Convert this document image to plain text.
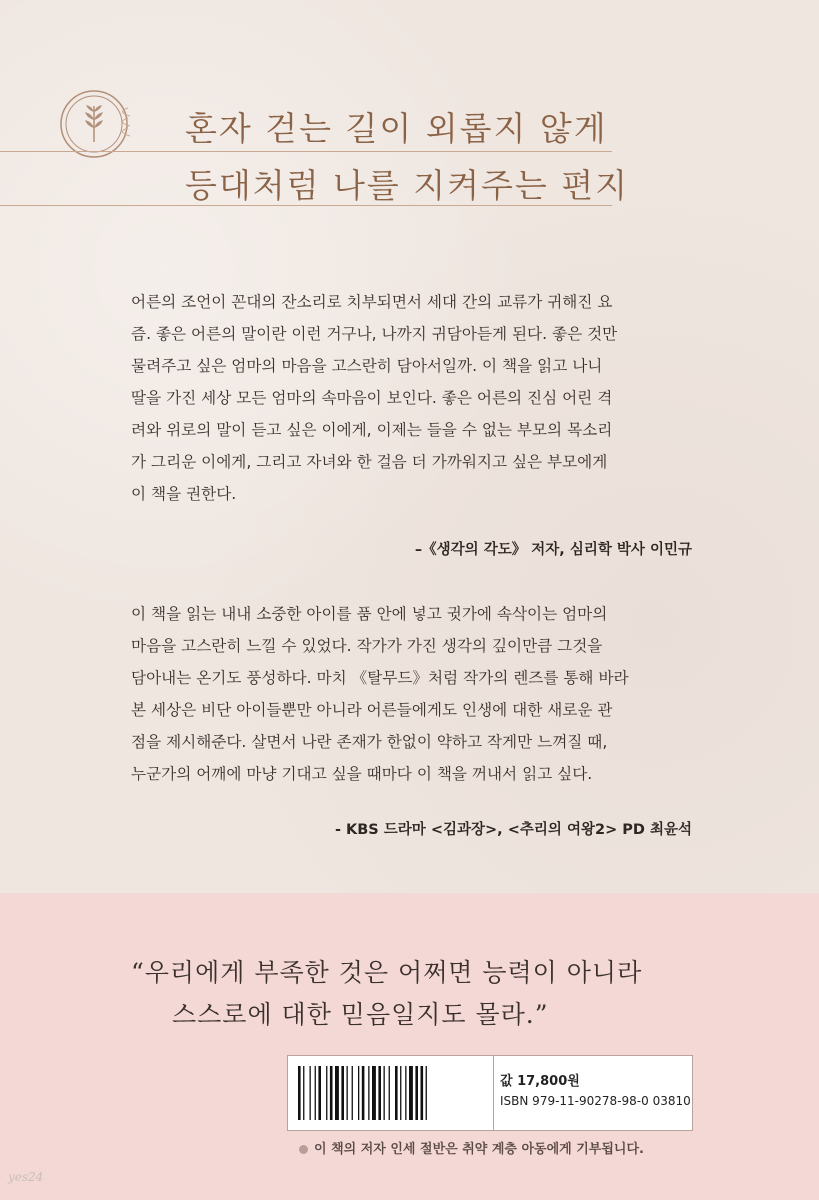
혼자 걷는 길이 외롭지 않게
등대처럼 나를 지켜주는 편지
어른의 조언이 꼰대의 잔소리로 치부되면서 세대 간의 교류가 귀해진 요
즘. 좋은 어른의 말이란 이런 거구나, 나까지 귀담아듣게 된다. 좋은 것만
물려주고 싶은 엄마의 마음을 고스란히 담아서일까. 이 책을 읽고 나니
딸을 가진 세상 모든 엄마의 속마음이 보인다. 좋은 어른의 진심 어린 격
려와 위로의 말이 듣고 싶은 이에게, 이제는 들을 수 없는 부모의 목소리
가 그리운 이에게, 그리고 자녀와 한 걸음 더 가까워지고 싶은 부모에게
이 책을 권한다.
–《생각의 각도》 저자, 심리학 박사 이민규
이 책을 읽는 내내 소중한 아이를 품 안에 넣고 귓가에 속삭이는 엄마의
마음을 고스란히 느낄 수 있었다. 작가가 가진 생각의 깊이만큼 그것을
담아내는 온기도 풍성하다. 마치 《탈무드》처럼 작가의 렌즈를 통해 바라
본 세상은 비단 아이들뿐만 아니라 어른들에게도 인생에 대한 새로운 관
점을 제시해준다. 살면서 나란 존재가 한없이 약하고 작게만 느껴질 때,
누군가의 어깨에 마냥 기대고 싶을 때마다 이 책을 꺼내서 읽고 싶다.
- KBS 드라마 <김과장>, <추리의 여왕2> PD 최윤석
“우리에게 부족한 것은 어쩌면 능력이 아니라
스스로에 대한 믿음일지도 몰라.”
값 17,800원
ISBN 979-11-90278-98-0 03810
이 책의 저자 인세 절반은 취약 계층 아동에게 기부됩니다.
yes24
